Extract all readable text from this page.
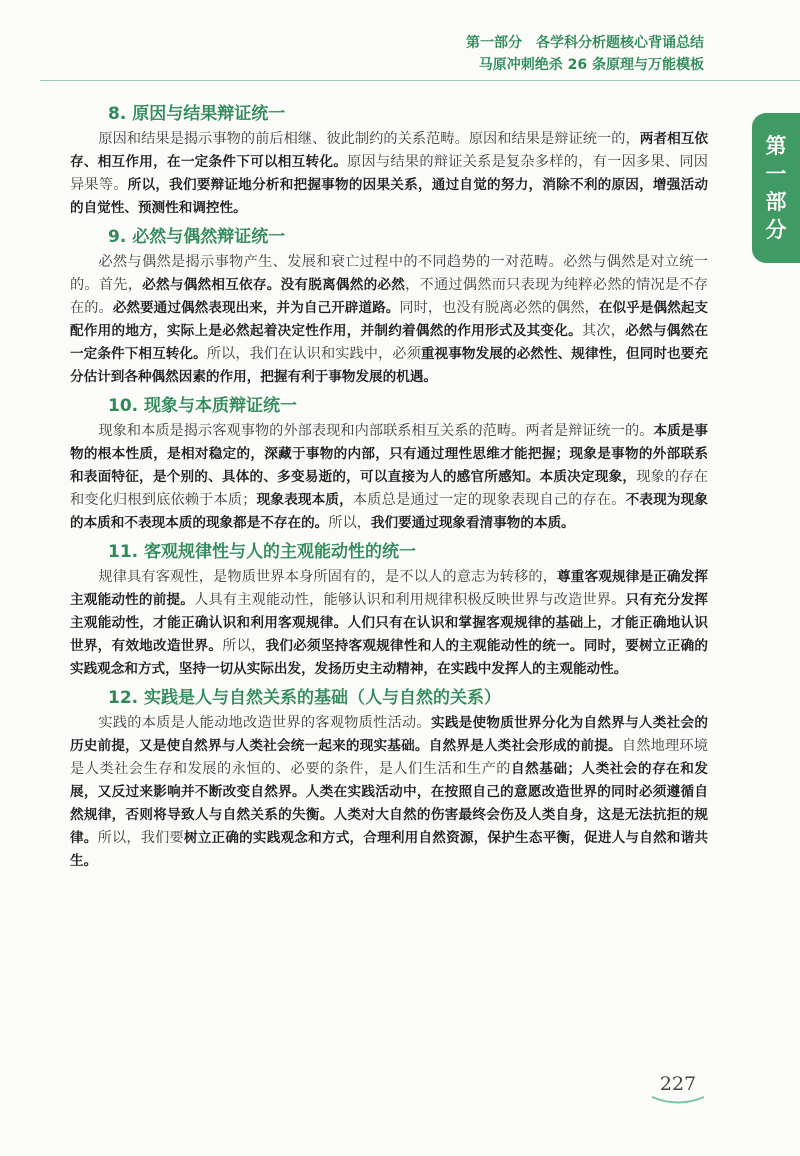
第一部分　各学科分析题核心背诵总结
马原冲刺绝杀 26 条原理与万能模板
第
一
部
分
8. 原因与结果辩证统一

原因和结果是揭示事物的前后相继、彼此制约的关系范畴。原因和结果是辩证统一的，两者相互依存、相互作用，在一定条件下可以相互转化。原因与结果的辩证关系是复杂多样的，有一因多果、同因异果等。所以，我们要辩证地分析和把握事物的因果关系，通过自觉的努力，消除不利的原因，增强活动的自觉性、预测性和调控性。

9. 必然与偶然辩证统一

必然与偶然是揭示事物产生、发展和衰亡过程中的不同趋势的一对范畴。必然与偶然是对立统一的。首先，必然与偶然相互依存。没有脱离偶然的必然，不通过偶然而只表现为纯粹必然的情况是不存在的。必然要通过偶然表现出来，并为自己开辟道路。同时，也没有脱离必然的偶然，在似乎是偶然起支配作用的地方，实际上是必然起着决定性作用，并制约着偶然的作用形式及其变化。其次，必然与偶然在一定条件下相互转化。所以，我们在认识和实践中，必须重视事物发展的必然性、规律性，但同时也要充分估计到各种偶然因素的作用，把握有利于事物发展的机遇。

10. 现象与本质辩证统一

现象和本质是揭示客观事物的外部表现和内部联系相互关系的范畴。两者是辩证统一的。本质是事物的根本性质，是相对稳定的，深藏于事物的内部，只有通过理性思维才能把握；现象是事物的外部联系和表面特征，是个别的、具体的、多变易逝的，可以直接为人的感官所感知。本质决定现象，现象的存在和变化归根到底依赖于本质；现象表现本质，本质总是通过一定的现象表现自己的存在。不表现为现象的本质和不表现本质的现象都是不存在的。所以，我们要通过现象看清事物的本质。

11. 客观规律性与人的主观能动性的统一

规律具有客观性，是物质世界本身所固有的，是不以人的意志为转移的，尊重客观规律是正确发挥主观能动性的前提。人具有主观能动性，能够认识和利用规律积极反映世界与改造世界。只有充分发挥主观能动性，才能正确认识和利用客观规律。人们只有在认识和掌握客观规律的基础上，才能正确地认识世界，有效地改造世界。所以，我们必须坚持客观规律性和人的主观能动性的统一。同时，要树立正确的实践观念和方式，坚持一切从实际出发，发扬历史主动精神，在实践中发挥人的主观能动性。

12. 实践是人与自然关系的基础（人与自然的关系）

实践的本质是人能动地改造世界的客观物质性活动。实践是使物质世界分化为自然界与人类社会的历史前提，又是使自然界与人类社会统一起来的现实基础。自然界是人类社会形成的前提。自然地理环境是人类社会生存和发展的永恒的、必要的条件，是人们生活和生产的自然基础；人类社会的存在和发展，又反过来影响并不断改变自然界。人类在实践活动中，在按照自己的意愿改造世界的同时必须遵循自然规律，否则将导致人与自然关系的失衡。人类对大自然的伤害最终会伤及人类自身，这是无法抗拒的规律。所以，我们要树立正确的实践观念和方式，合理利用自然资源，保护生态平衡，促进人与自然和谐共生。

227
